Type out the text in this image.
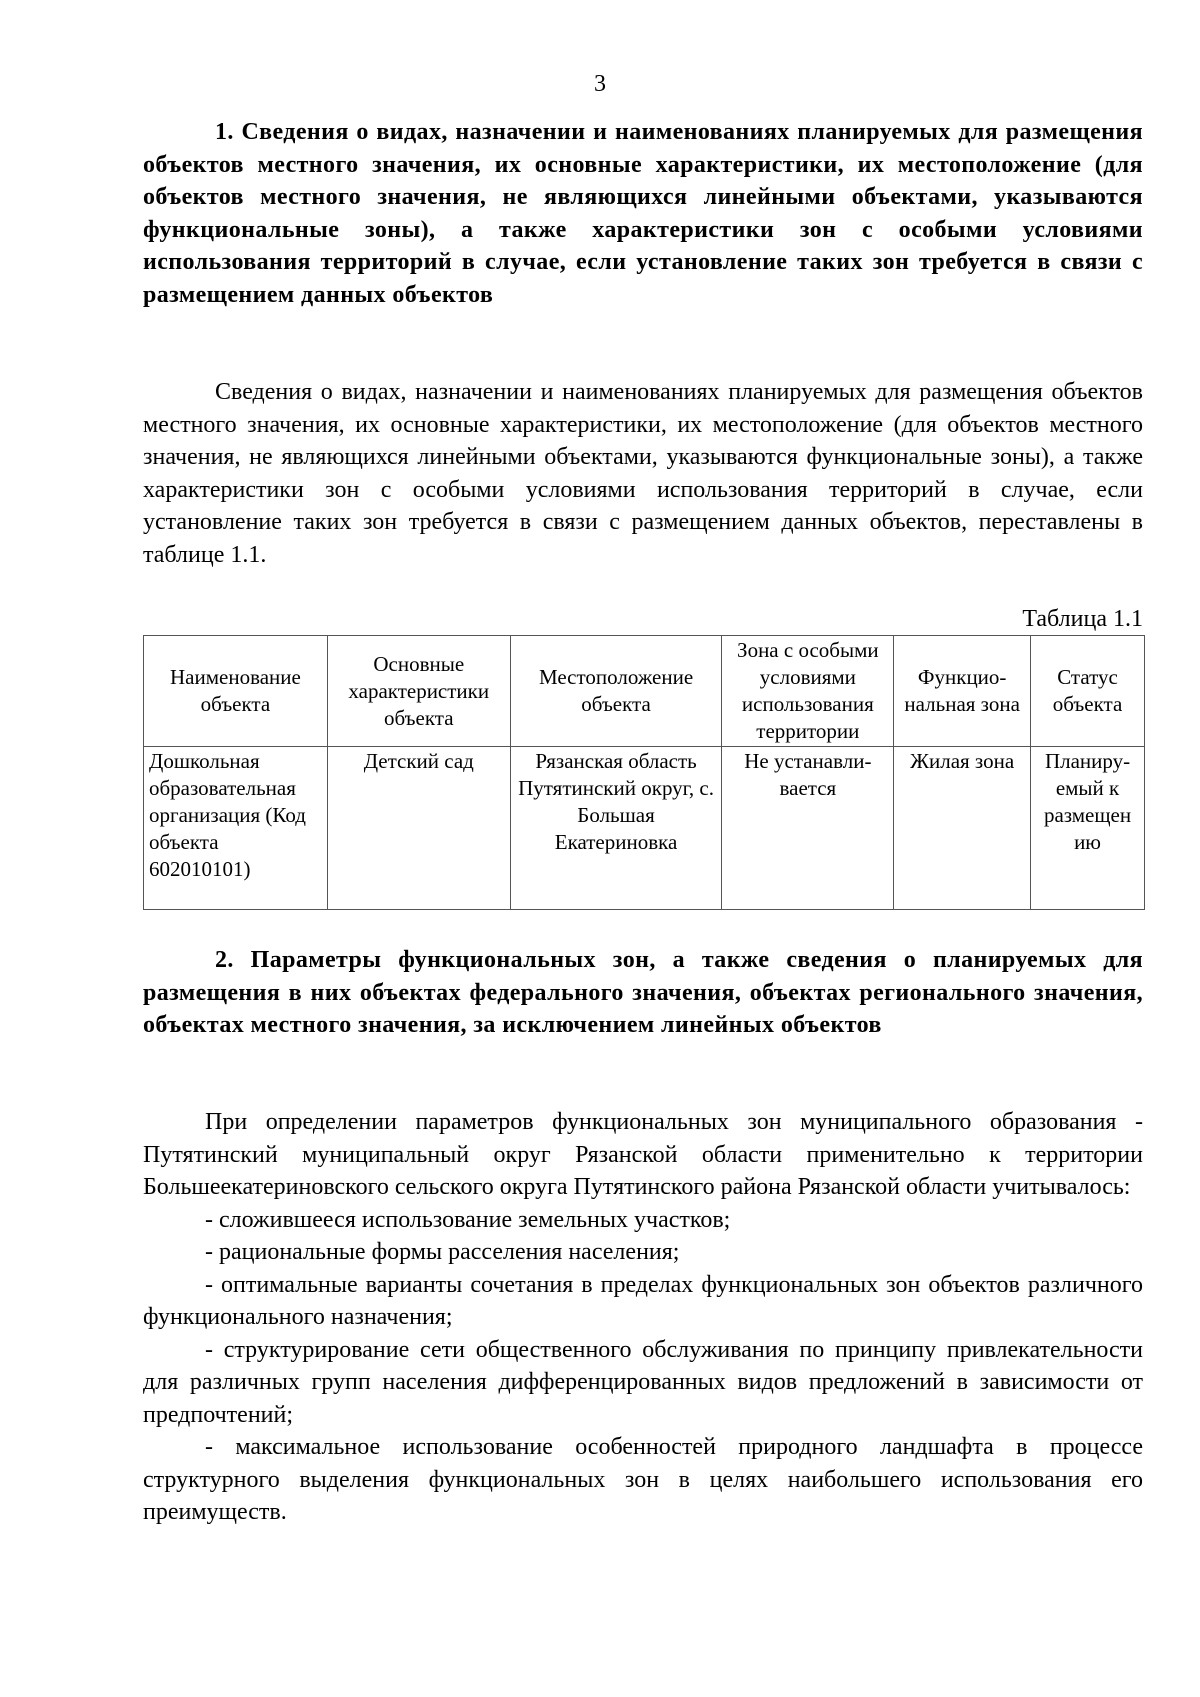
3
1. Сведения о видах, назначении и наименованиях планируемых для размещения объектов местного значения, их основные характеристики, их местоположение (для объектов местного значения, не являющихся линейными объектами, указываются функциональные зоны), а также характеристики зон с особыми условиями использования территорий в случае, если установление таких зон требуется в связи с размещением данных объектов
Сведения о видах, назначении и наименованиях планируемых для размещения объектов местного значения, их основные характеристики, их местоположение (для объектов местного значения, не являющихся линейными объектами, указываются функциональные зоны), а также характеристики зон с особыми условиями использования территорий в случае, если установление таких зон требуется в связи с размещением данных объектов, переставлены в таблице 1.1.
Таблица 1.1
Наименование объекта	Основные характеристики объекта	Местоположение объекта	Зона с особыми условиями использования территории	Функцио-нальная зона	Статус объекта
Дошкольная образовательная организация (Код объекта 602010101)	Детский сад	Рязанская область Путятинский округ, с. Большая Екатериновка	Не устанавли-вается	Жилая зона	Планиру-емый к размещен ию
2. Параметры функциональных зон, а также сведения о планируемых для размещения в них объектах федерального значения, объектах регионального значения, объектах местного значения, за исключением линейных объектов
При определении параметров функциональных зон муниципального образования - Путятинский муниципальный округ Рязанской области применительно к территории Большеекатериновского сельского округа Путятинского района Рязанской области учитывалось:
- сложившееся использование земельных участков;
- рациональные формы расселения населения;
- оптимальные варианты сочетания в пределах функциональных зон объектов различного функционального назначения;
- структурирование сети общественного обслуживания по принципу привлекательности для различных групп населения дифференцированных видов предложений в зависимости от предпочтений;
- максимальное использование особенностей природного ландшафта в процессе структурного выделения функциональных зон в целях наибольшего использования его преимуществ.
